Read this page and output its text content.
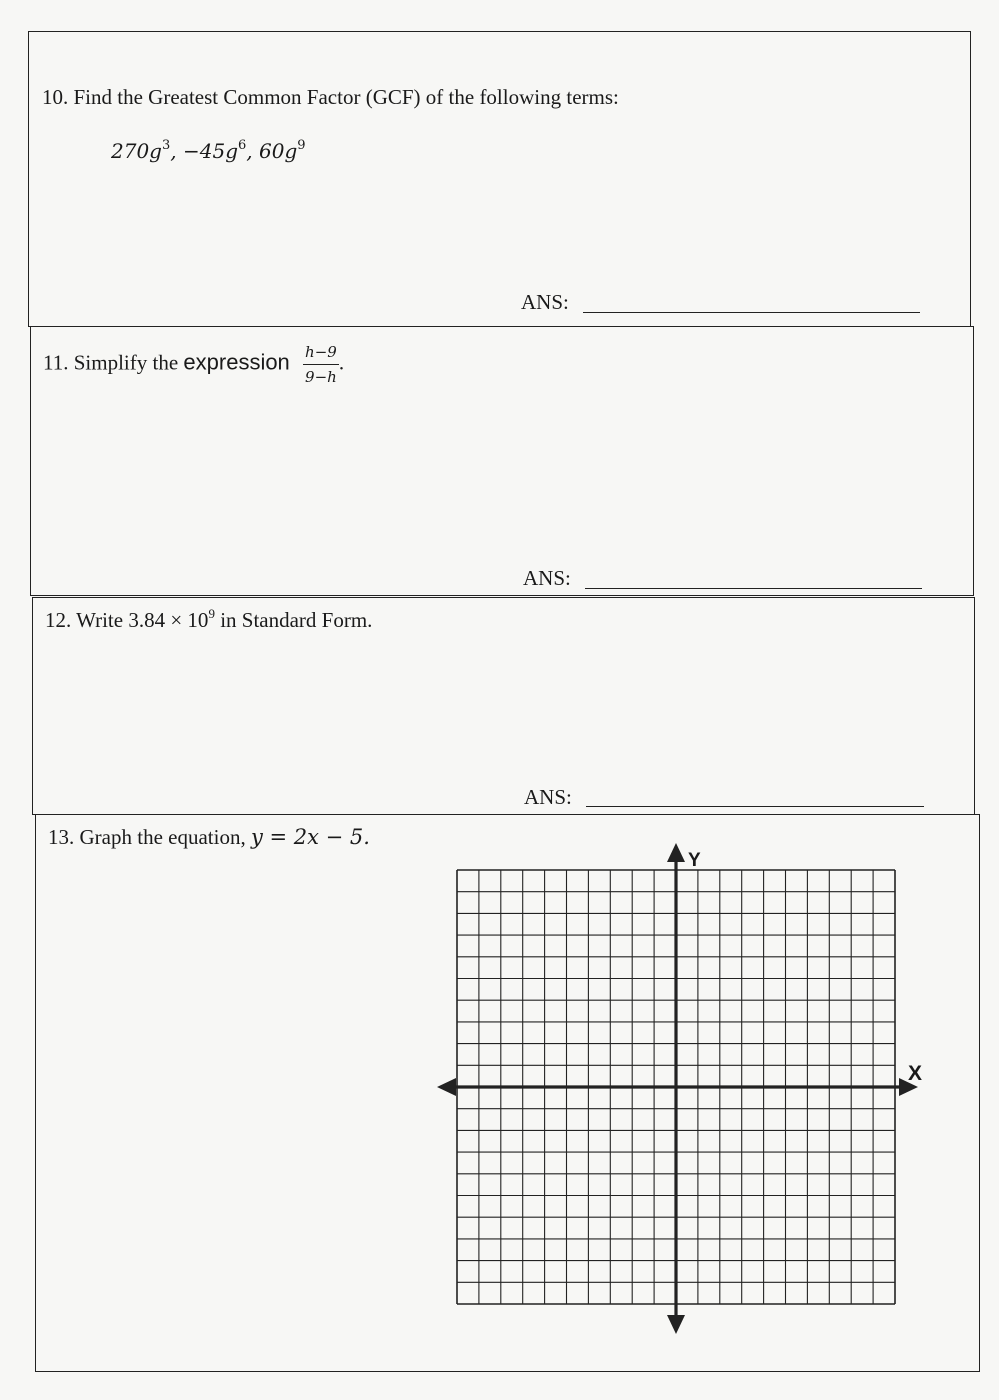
10. Find the Greatest Common Factor (GCF) of the following terms:
$270g^3$, $-45g^6$, $60g^9$
ANS:
11. Simplify the expression $\frac{h-9}{9-h}$ .
ANS:
12. Write $3.84 \times 10^9$ in Standard Form.
ANS:
13. Graph the equation, y = 2x − 5.
X
Y
